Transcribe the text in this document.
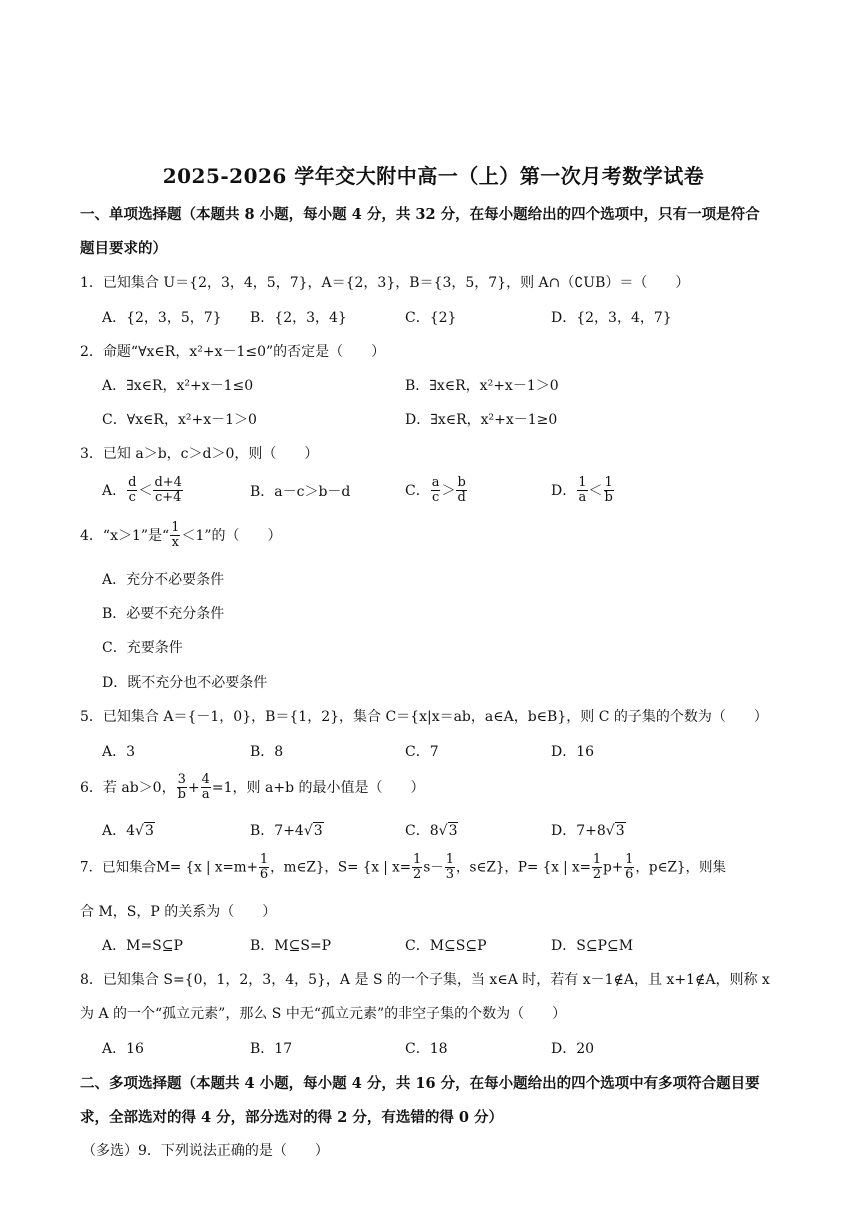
2025-2026 学年交大附中高一（上）第一次月考数学试卷
一、单项选择题（本题共 8 小题，每小题 4 分，共 32 分，在每小题给出的四个选项中，只有一项是符合
题目要求的）
1．已知集合 U＝{2，3，4，5，7}，A＝{2，3}，B＝{3，5，7}，则 A∩（∁UB）＝（　　）
A．{2，3，5，7} B．{2，3，4}	C．{2}	D．{2，3，4，7}
2．命题“∀x∈R，x²+x－1≤0”的否定是（　　）
A．∃x∈R，x²+x－1≤0	B．∃x∈R，x²+x－1＞0
C．∀x∈R，x²+x－1＞0	D．∃x∈R，x²+x－1≥0
3．已知 a＞b，c＞d＞0，则（　　）
A． $\frac{d}{c} < \frac{d+4}{c+4}$	B．a－c＞b－d	C． $\frac{a}{c} > \frac{b}{d}$	D． $\frac{1}{a} < \frac{1}{b}$
4．“x＞1”是“ $\frac{1}{x} <1$”的（　　）
A．充分不必要条件
B．必要不充分条件
C．充要条件
D．既不充分也不必要条件
5．已知集合 A＝{－1，0}，B＝{1，2}，集合 C＝{x|x＝ab，a∈A，b∈B}，则 C 的子集的个数为（　　）
A．3	B．8	C．7	D．16
6．若 ab＞0， $\frac{3}{b} + \frac{4}{a} =1$，则 a+b 的最小值是（　　）
A．4√3	B．7+4√3	C．8√3	D．7+8√3
7．已知集合M= {x | $x=m+ \frac{1}{6}$ ，m∈Z}，S= {x | $x= \frac{1}{2} s- \frac{1}{3}$ ，s∈Z}，P= {x | $x= \frac{1}{2} p+ \frac{1}{6}$ ，p∈Z}，则集
合 M，S，P 的关系为（　　）
A．M=S⊆P	B．M⊆S=P	C．M⊆S⊆P	D．S⊆P⊆M
8．已知集合 S={0，1，2，3，4，5}，A 是 S 的一个子集，当 x∈A 时，若有 x－1∉A，且 x+1∉A，则称 x
为 A 的一个“孤立元素”，那么 S 中无“孤立元素”的非空子集的个数为（　　）
A．16	B．17	C．18	D．20
二、多项选择题（本题共 4 小题，每小题 4 分，共 16 分，在每小题给出的四个选项中有多项符合题目要
求，全部选对的得 4 分，部分选对的得 2 分，有选错的得 0 分）
（多选）9．下列说法正确的是（　　）
